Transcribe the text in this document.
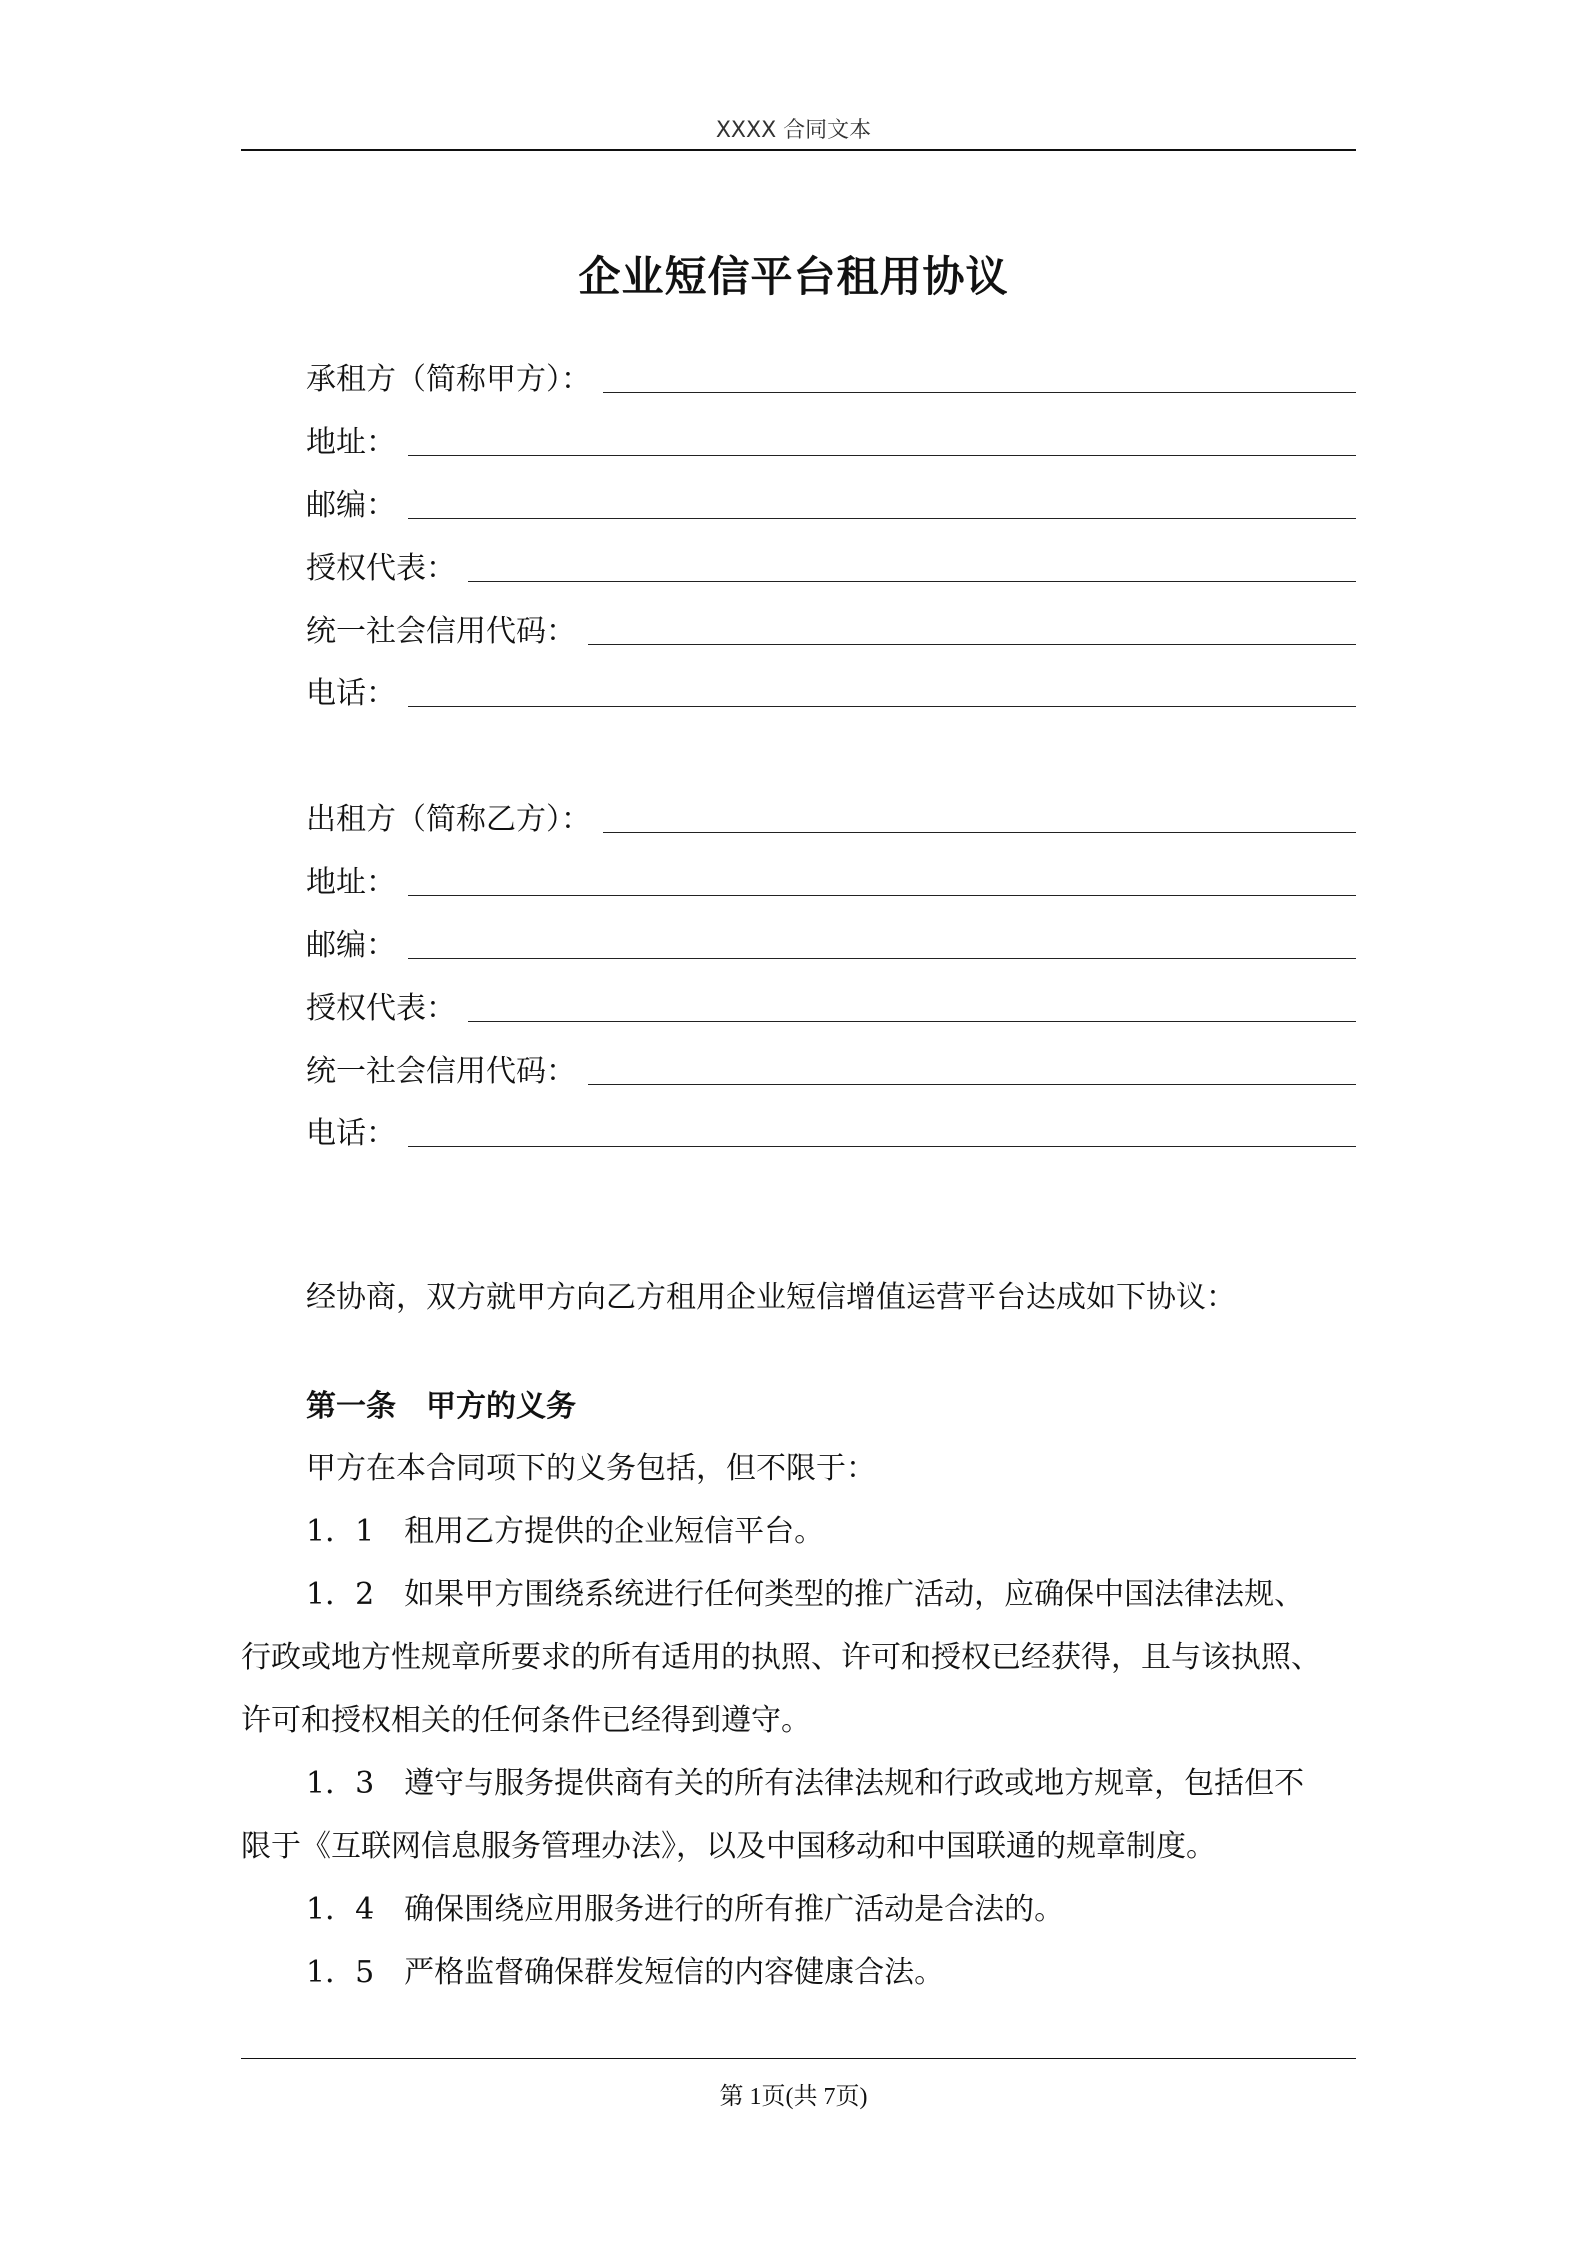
XXXX 合同文本
企业短信平台租用协议
承租方（简称甲方）：
地址：
邮编：
授权代表：
统一社会信用代码：
电话：
出租方（简称乙方）：
地址：
邮编：
授权代表：
统一社会信用代码：
电话：
经协商，双方就甲方向乙方租用企业短信增值运营平台达成如下协议：
第一条　甲方的义务
甲方在本合同项下的义务包括，但不限于：
1．1　租用乙方提供的企业短信平台。
1．2　如果甲方围绕系统进行任何类型的推广活动，应确保中国法律法规、
行政或地方性规章所要求的所有适用的执照、许可和授权已经获得，且与该执照、
许可和授权相关的任何条件已经得到遵守。
1．3　遵守与服务提供商有关的所有法律法规和行政或地方规章，包括但不
限于《互联网信息服务管理办法》，以及中国移动和中国联通的规章制度。
1．4　确保围绕应用服务进行的所有推广活动是合法的。
1．5　严格监督确保群发短信的内容健康合法。
第 1页(共 7页)
